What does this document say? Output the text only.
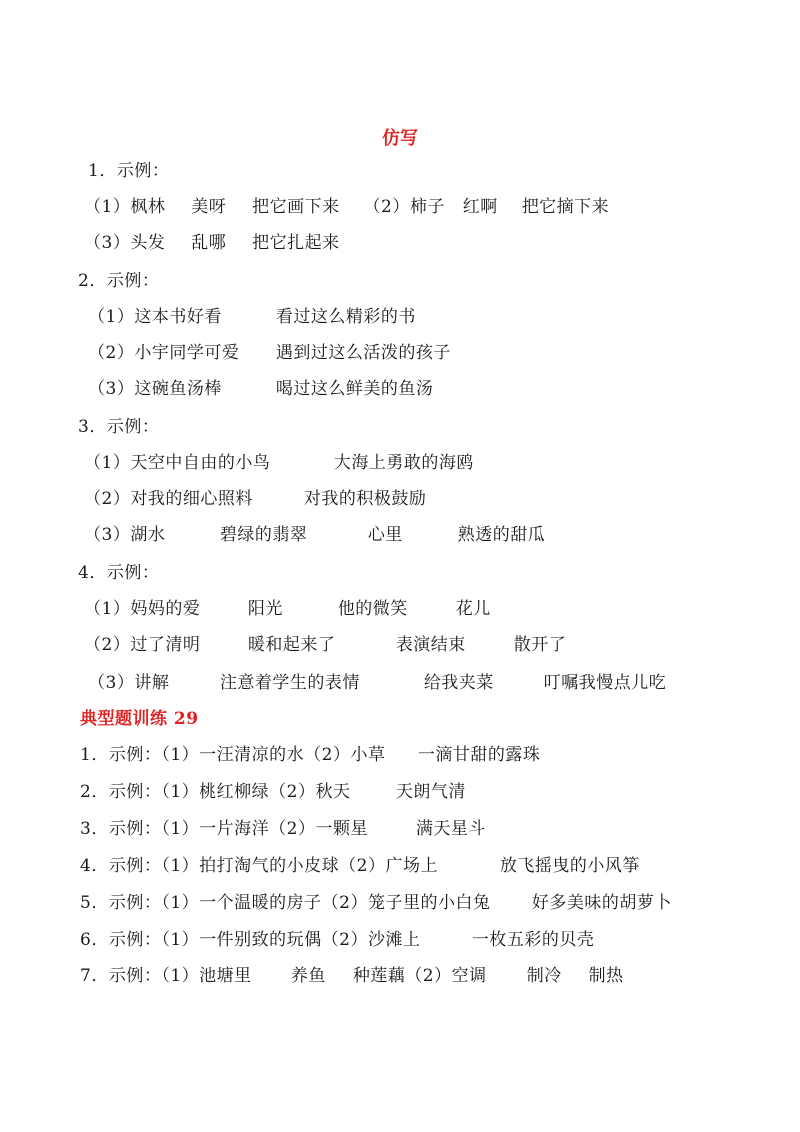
仿写
1．示例：
（1）枫林 美呀 把它画下来 （2）柿子 红啊 把它摘下来
（3）头发 乱哪 把它扎起来
2．示例：
（1）这本书好看	看过这么精彩的书
（2）小宇同学可爱 遇到过这么活泼的孩子
（3）这碗鱼汤棒	喝过这么鲜美的鱼汤
3．示例：
（1）天空中自由的小鸟	大海上勇敢的海鸥
（2）对我的细心照料	对我的积极鼓励
（3）湖水	碧绿的翡翠	心里	熟透的甜瓜
4．示例：
（1）妈妈的爱	阳光	他的微笑	花儿
（2）过了清明	暖和起来了	表演结束	散开了
（3）讲解	注意着学生的表情	给我夹菜	叮嘱我慢点儿吃
典型题训练 29
1．示例：（1）一汪清凉的水（2）小草 一滴甘甜的露珠
2．示例：（1）桃红柳绿（2）秋天	天朗气清
3．示例：（1）一片海洋（2）一颗星	满天星斗
4．示例：（1）拍打淘气的小皮球（2）广场上	放飞摇曳的小风筝
5．示例：（1）一个温暖的房子（2）笼子里的小白兔 好多美味的胡萝卜
6．示例：（1）一件别致的玩偶（2）沙滩上	一枚五彩的贝壳
7．示例：（1）池塘里 养鱼 种莲藕（2）空调 制冷 制热
